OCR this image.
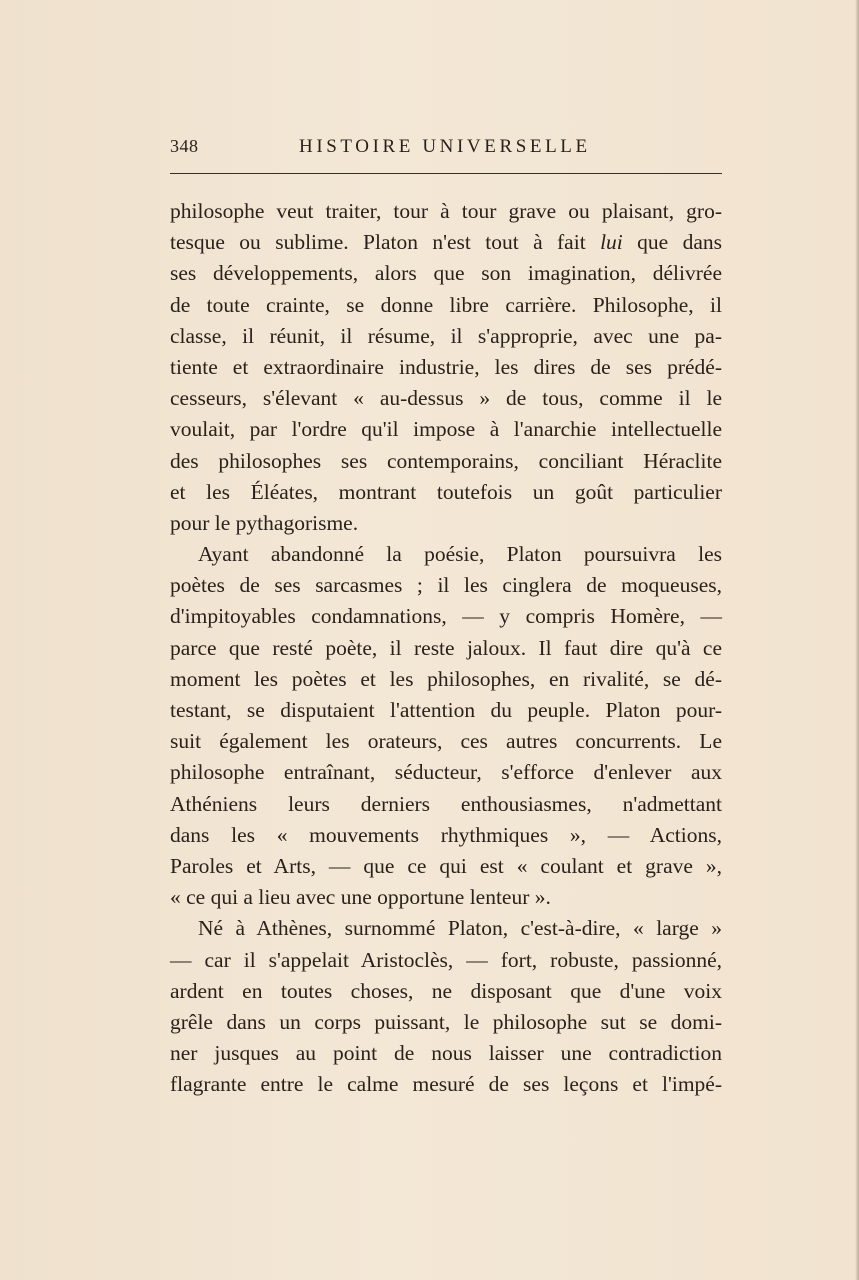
348	HISTOIRE UNIVERSELLE
philosophe veut traiter, tour à tour grave ou plaisant, gro-
tesque ou sublime. Platon n'est tout à fait lui que dans
ses développements, alors que son imagination, délivrée
de toute crainte, se donne libre carrière. Philosophe, il
classe, il réunit, il résume, il s'approprie, avec une pa-
tiente et extraordinaire industrie, les dires de ses prédé-
cesseurs, s'élevant « au-dessus » de tous, comme il le
voulait, par l'ordre qu'il impose à l'anarchie intellectuelle
des philosophes ses contemporains, conciliant Héraclite
et les Éléates, montrant toutefois un goût particulier
pour le pythagorisme.
Ayant abandonné la poésie, Platon poursuivra les
poètes de ses sarcasmes ; il les cinglera de moqueuses,
d'impitoyables condamnations, — y compris Homère, —
parce que resté poète, il reste jaloux. Il faut dire qu'à ce
moment les poètes et les philosophes, en rivalité, se dé-
testant, se disputaient l'attention du peuple. Platon pour-
suit également les orateurs, ces autres concurrents. Le
philosophe entraînant, séducteur, s'efforce d'enlever aux
Athéniens leurs derniers enthousiasmes, n'admettant
dans les « mouvements rhythmiques », — Actions,
Paroles et Arts, — que ce qui est « coulant et grave »,
« ce qui a lieu avec une opportune lenteur ».
Né à Athènes, surnommé Platon, c'est-à-dire, « large »
— car il s'appelait Aristoclès, — fort, robuste, passionné,
ardent en toutes choses, ne disposant que d'une voix
grêle dans un corps puissant, le philosophe sut se domi-
ner jusques au point de nous laisser une contradiction
flagrante entre le calme mesuré de ses leçons et l'impé-
